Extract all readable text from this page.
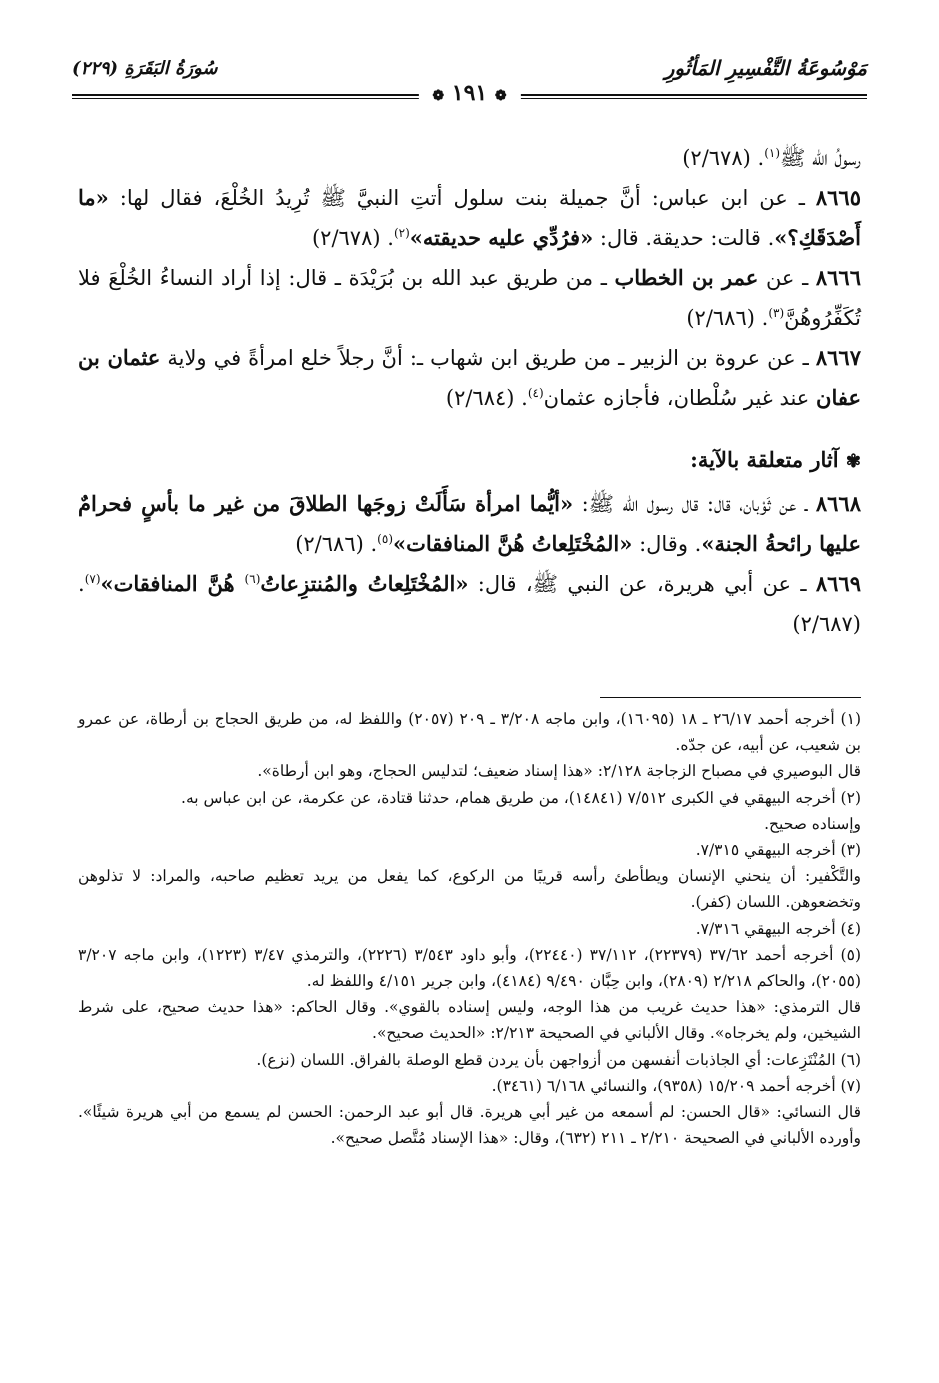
مَوْسُوعَةُ التَّفْسِيرِ المَأثُورِ
سُورَةُ البَقَرَةِ (٢٢٩)
❁ ١٩١ ❁

رسولُ الله ﷺ$^{(١)}$. (٢/٦٧٨)

٨٦٦٥ ـ عن ابن عباس: أنَّ جميلة بنت سلول أتتِ النبيَّ ﷺ تُرِيدُ الخُلْعَ، فقال لها: «ما أَصْدَقَكِ؟». قالت: حديقة. قال: «فرُدِّي عليه حديقته»$^{(٢)}$. (٢/٦٧٨)

٨٦٦٦ ـ عن عمر بن الخطاب ـ من طريق عبد الله بن بُرَيْدَة ـ قال: إذا أراد النساءُ الخُلْعَ فلا تُكَفِّرُوهُنَّ$^{(٣)}$. (٢/٦٨٦)

٨٦٦٧ ـ عن عروة بن الزبير ـ من طريق ابن شهاب ـ: أنَّ رجلاً خلع امرأةً في ولاية عثمان بن عفان عند غير سُلْطان، فأجازه عثمان$^{(٤)}$. (٢/٦٨٤)

✾ آثار متعلقة بالآية:

٨٦٦٨ ـ عن ثَوْبان، قال: قال رسول الله ﷺ: «أيُّما امرأة سَأَلَتْ زوجَها الطلاقَ من غير ما بأسٍ فحرامٌ عليها رائحةُ الجنة». وقال: «المُخْتَلِعاتُ هُنَّ المنافقات»$^{(٥)}$. (٢/٦٨٦)

٨٦٦٩ ـ عن أبي هريرة، عن النبي ﷺ، قال: «المُخْتَلِعاتُ والمُنتزِعاتُ$^{(٦)}$ هُنَّ المنافقات»$^{(٧)}$. (٢/٦٨٧)

(١) أخرجه أحمد ٢٦/١٧ ـ ١٨ (١٦٠٩٥)، وابن ماجه ٣/٢٠٨ ـ ٢٠٩ (٢٠٥٧) واللفظ له، من طريق الحجاج بن أرطاة، عن عمرو بن شعيب، عن أبيه، عن جدّه.

قال البوصيري في مصباح الزجاجة ٢/١٢٨: «هذا إسناد ضعيف؛ لتدليس الحجاج، وهو ابن أرطاة».

(٢) أخرجه البيهقي في الكبرى ٧/٥١٢ (١٤٨٤١)، من طريق همام، حدثنا قتادة، عن عكرمة، عن ابن عباس به.

وإسناده صحيح.

(٣) أخرجه البيهقي ٧/٣١٥.

والتَّكْفير: أن ينحني الإنسان ويطأطئ رأسه قريبًا من الركوع، كما يفعل من يريد تعظيم صاحبه، والمراد: لا تذلوهن وتخضعوهن. اللسان (كفر).

(٤) أخرجه البيهقي ٧/٣١٦.

(٥) أخرجه أحمد ٣٧/٦٢ (٢٢٣٧٩)، ٣٧/١١٢ (٢٢٤٤٠)، وأبو داود ٣/٥٤٣ (٢٢٢٦)، والترمذي ٣/٤٧ (١٢٢٣)، وابن ماجه ٣/٢٠٧ (٢٠٥٥)، والحاكم ٢/٢١٨ (٢٨٠٩)، وابن حِبَّان ٩/٤٩٠ (٤١٨٤)، وابن جرير ٤/١٥١ واللفظ له.

قال الترمذي: «هذا حديث غريب من هذا الوجه، وليس إسناده بالقوي». وقال الحاكم: «هذا حديث صحيح، على شرط الشيخين، ولم يخرجاه». وقال الألباني في الصحيحة ٢/٢١٣: «الحديث صحيح».

(٦) المُنْتَزِعات: أي الجاذبات أنفسهن من أزواجهن بأن يردن قطع الوصلة بالفراق. اللسان (نزع).

(٧) أخرجه أحمد ١٥/٢٠٩ (٩٣٥٨)، والنسائي ٦/١٦٨ (٣٤٦١).

قال النسائي: «قال الحسن: لم أسمعه من غير أبي هريرة. قال أبو عبد الرحمن: الحسن لم يسمع من أبي هريرة شيئًا». وأورده الألباني في الصحيحة ٢/٢١٠ ـ ٢١١ (٦٣٢)، وقال: «هذا الإسناد مُتَّصل صحيح».
